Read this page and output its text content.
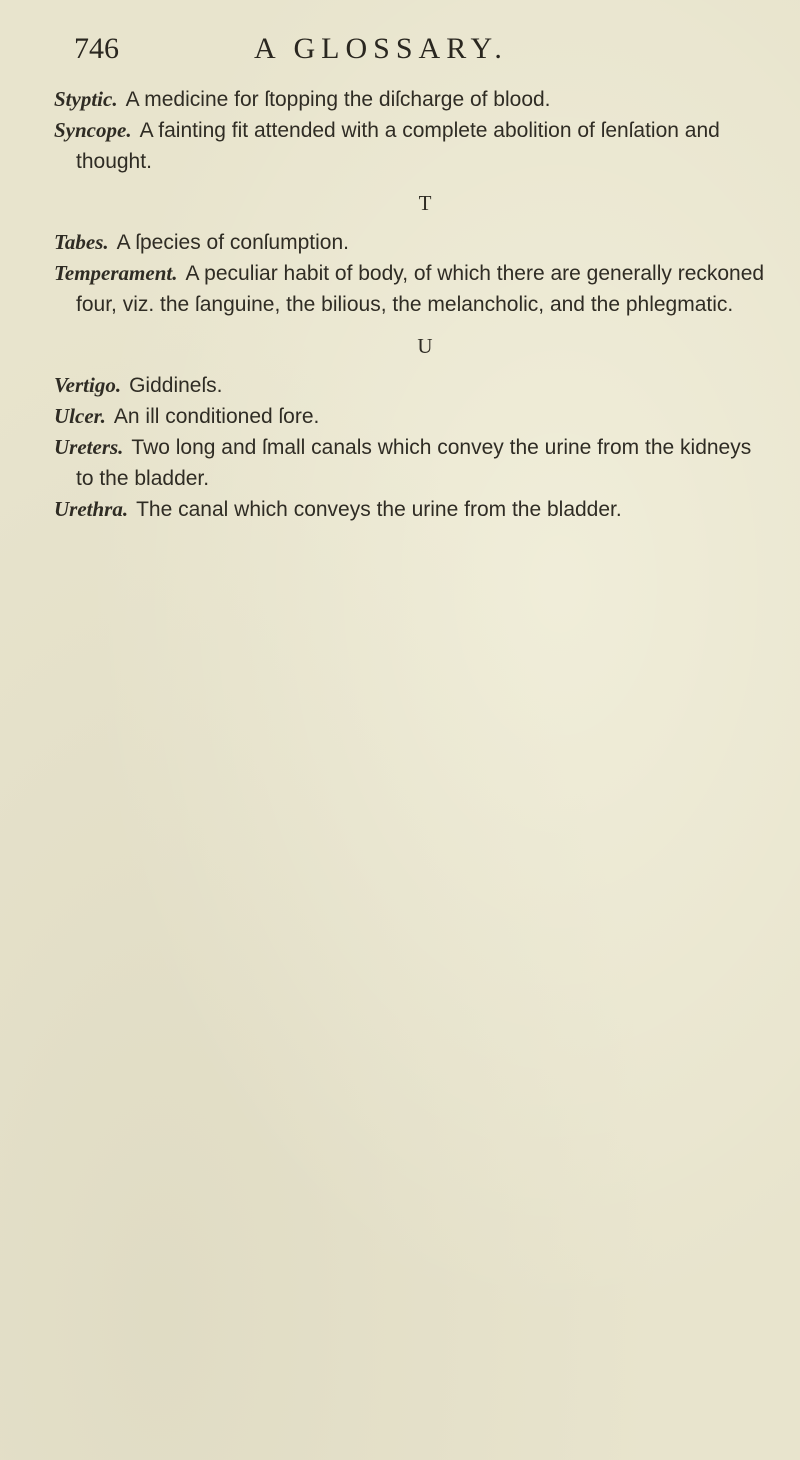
746	A GLOSSARY.

Styptic. A medicine for ſtopping the diſcharge of blood.

Syncope. A fainting fit attended with a complete abolition of ſenſation and thought.

T

Tabes. A ſpecies of conſumption.

Temperament. A peculiar habit of body, of which there are generally reckoned four, viz. the ſanguine, the bilious, the melancholic, and the phlegmatic.

U

Vertigo. Giddineſs.

Ulcer. An ill conditioned ſore.

Ureters. Two long and ſmall canals which convey the urine from the kidneys to the bladder.

Urethra. The canal which conveys the urine from the bladder.
